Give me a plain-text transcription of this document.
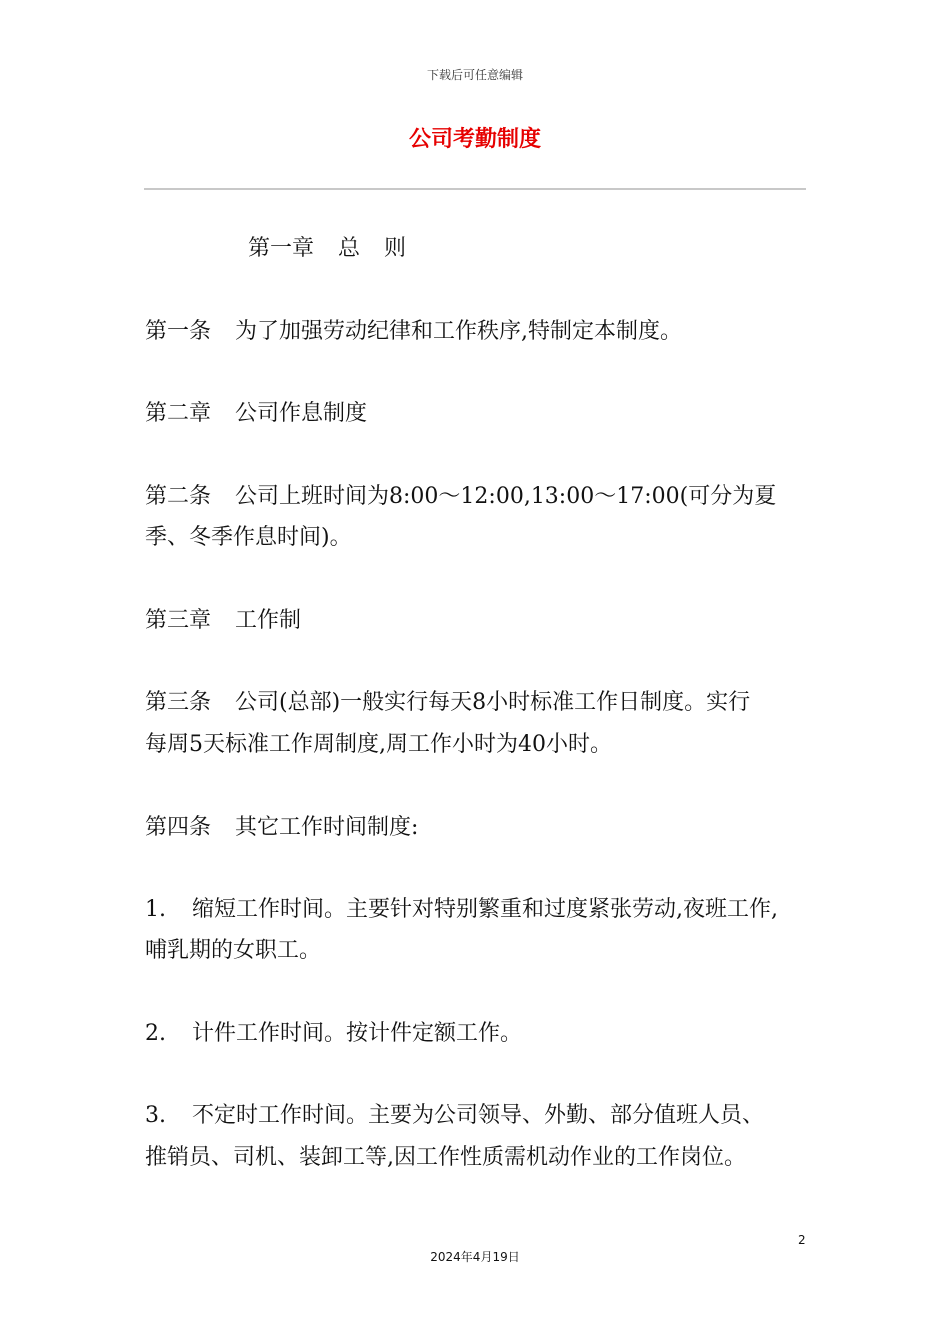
下载后可任意编辑
公司考勤制度
第一章 总 则
第一条 为了加强劳动纪律和工作秩序,特制定本制度。
第二章 公司作息制度
第二条 公司上班时间为8:00～12:00,13:00～17:00(可分为夏
季、冬季作息时间)。
第三章 工作制
第三条 公司(总部)一般实行每天8小时标准工作日制度。实行
每周5天标准工作周制度,周工作小时为40小时。
第四条 其它工作时间制度:
1. 缩短工作时间。主要针对特别繁重和过度紧张劳动,夜班工作,
哺乳期的女职工。
2. 计件工作时间。按计件定额工作。
3. 不定时工作时间。主要为公司领导、外勤、部分值班人员、
推销员、司机、装卸工等,因工作性质需机动作业的工作岗位。
2
2024年4月19日
